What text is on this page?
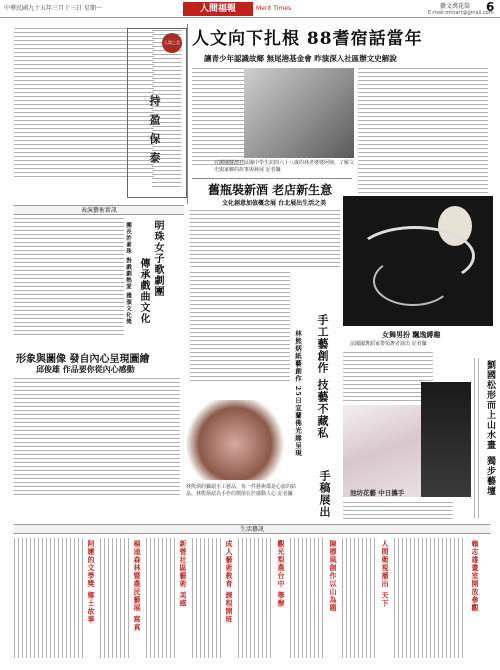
中華民國九十五年三月十三日 星期一	人間福報	Merit Times	藝文萬花筒 6
E-mail:mtnart@gmail.com
人間之美
持盈保泰
人文向下扎根 88耆宿話當年
讓青少年認識故鄉 無尾港基金會 昨演深入社區辦文史解說
宜蘭縣蘇澳社區國中學生訪問六十八歲的林老婆婆阿姨，了解文史與家鄉的故事與發展 記者攝
舊瓶裝新酒 老店新生意
文化創意加值概念展 台北展出生活之美
女舞男扮 飄逸縛趣
法國國舞蹈家帶領舞者演出 記者攝
表演藝術新訊
明珠女子歌劇團
傳承戲曲文化
團長許素珠 對戲劇熱愛 獲頒文化獎
手工藝創作 技藝不藏私
手稿展出
林熊炳紙藝創作 25日宜蘭佛光緣呈現
林熊炳的獅頭手工藝品，每一件藝術都是心血的結晶。林熊炳認為手作的價值在於感動人心 記者攝
形象與圖像 發自內心呈現圖繪
邱俊雄 作品要你從內心感動
池坊花藝 中日攜手
劉國松形而上山水畫
獨步藝壇
生活藝訊
阿嬤的文學獎 鄉土故事	楊逵森林暨農民藝展 寫真	新營社區藝術 美感	成人藝術教育 課程開班	觀光梨農台中 舉辦	陳標風創作以山為題	人間衛視播出 天下	賴志雄畫室開放參觀
